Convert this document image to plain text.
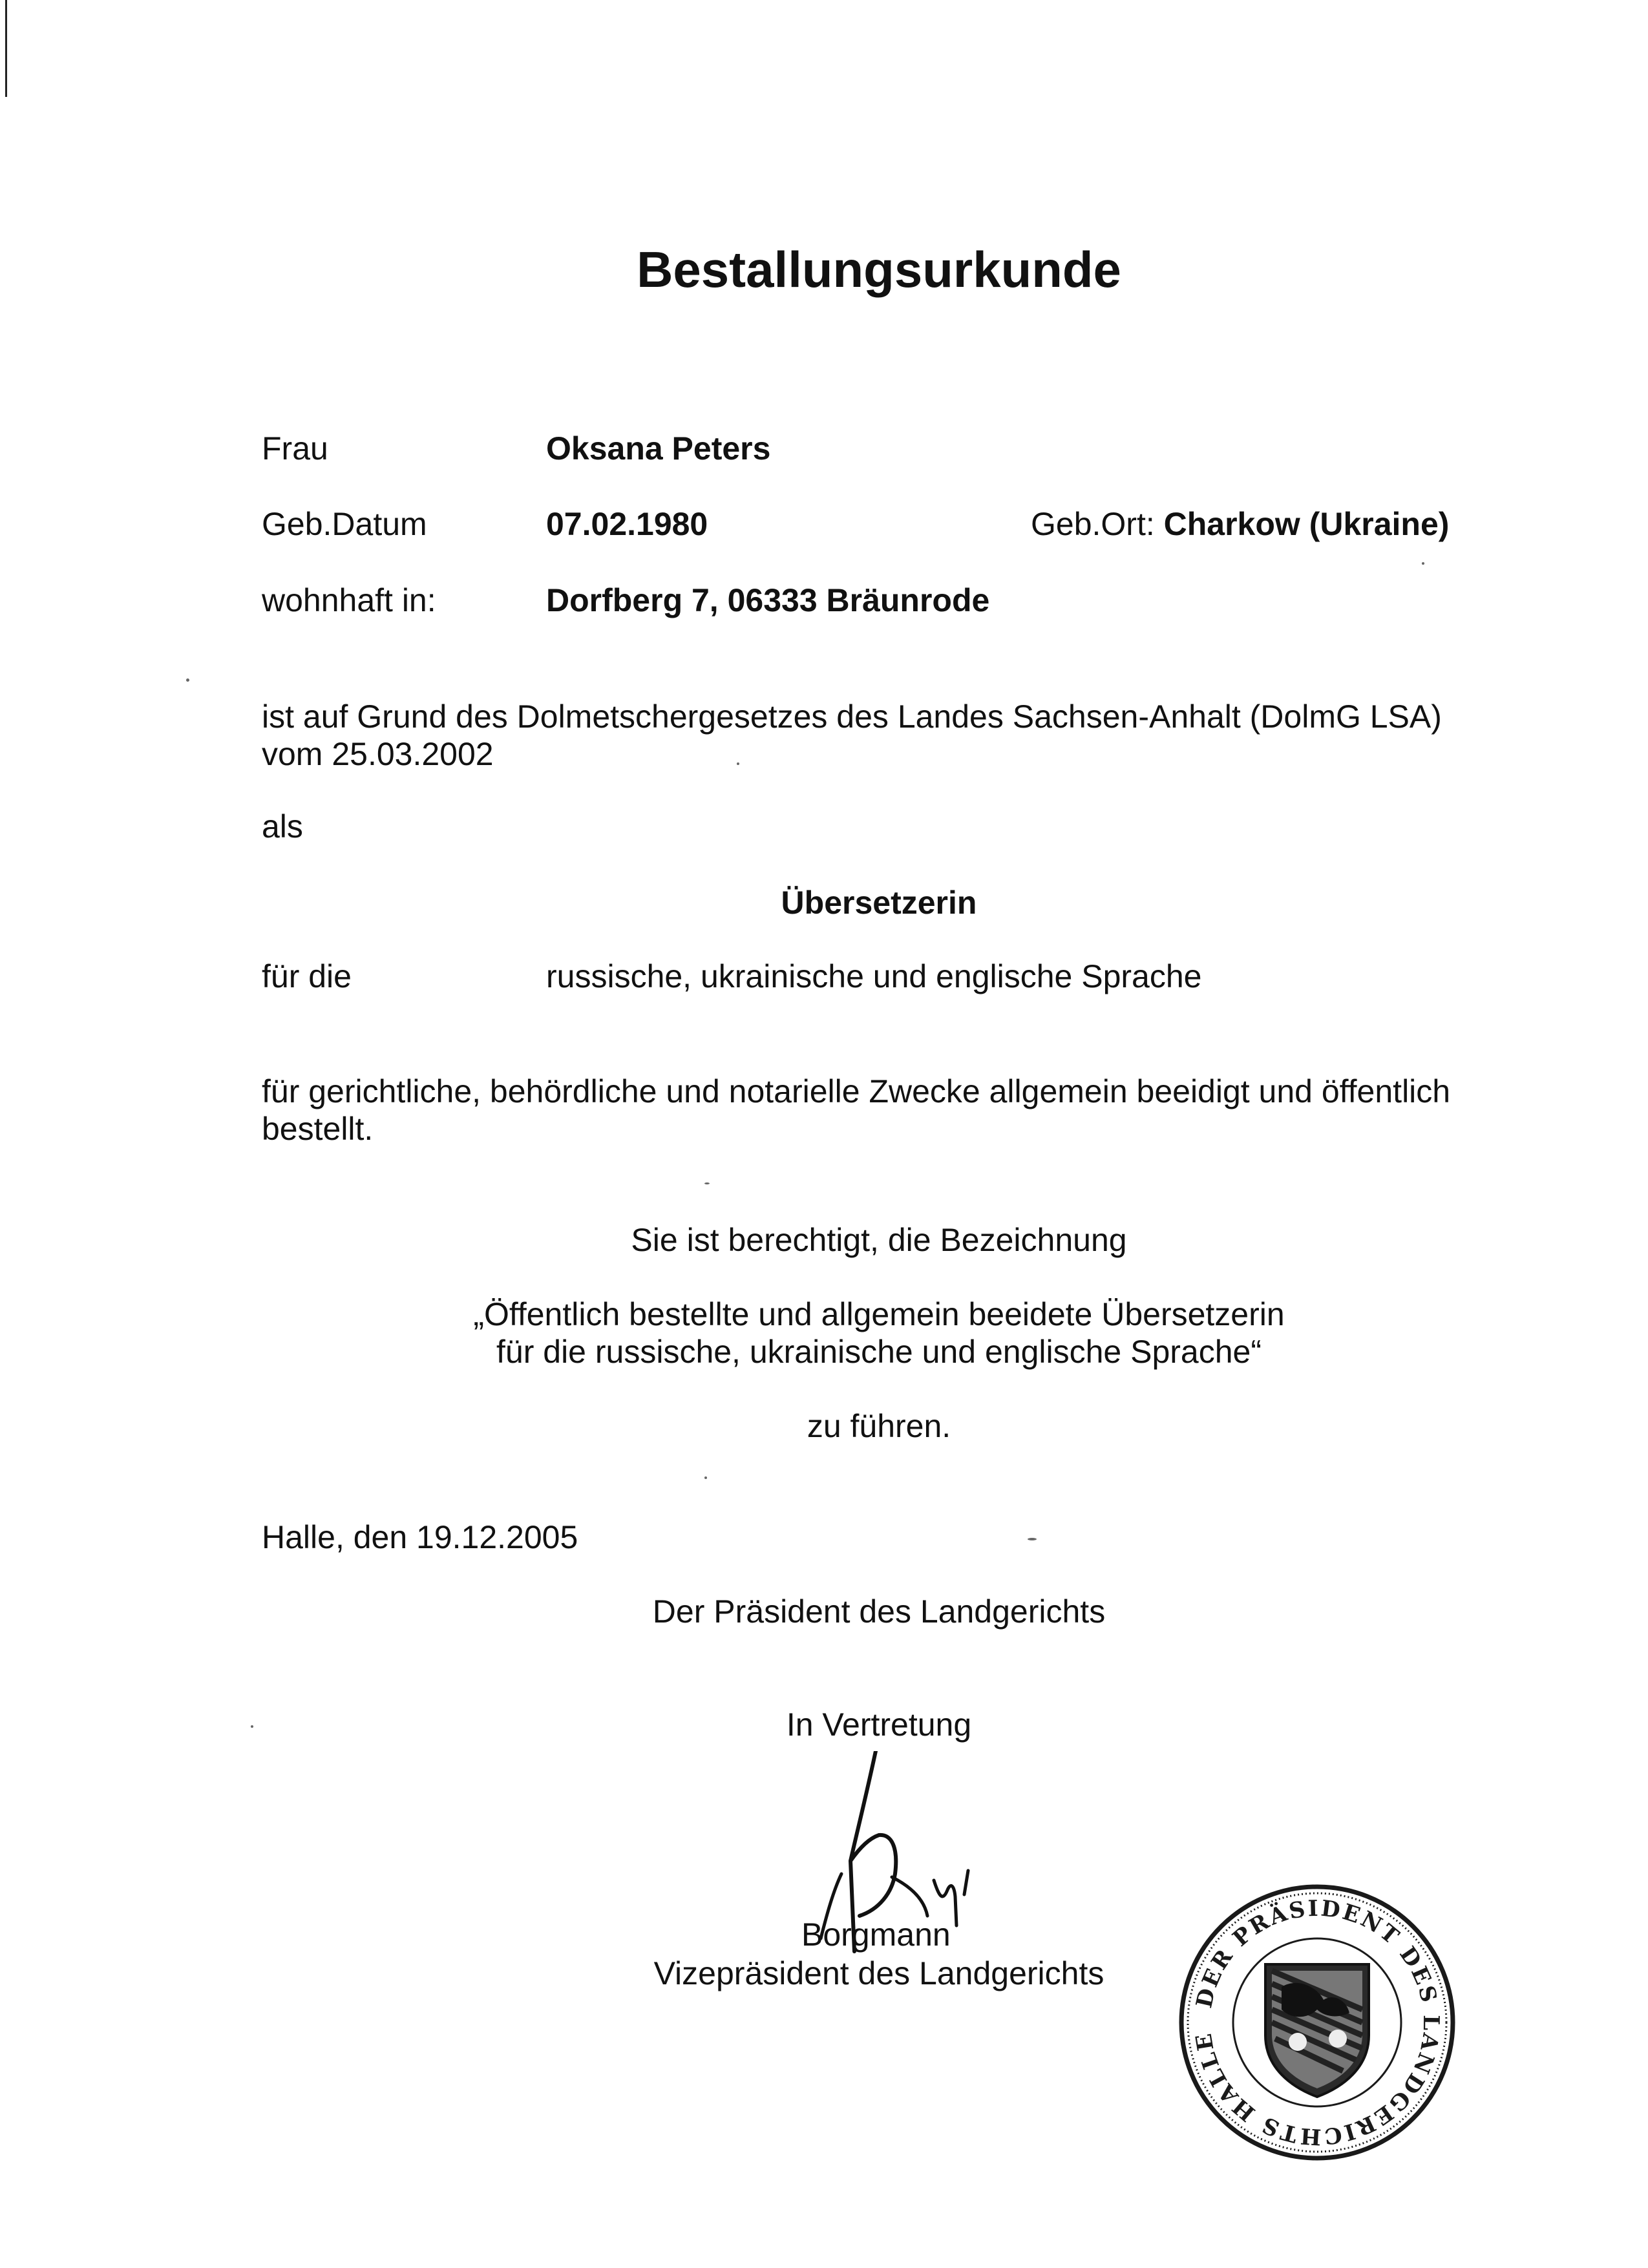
Bestallungsurkunde
Frau	Oksana Peters
Geb.Datum	07.02.1980	Geb.Ort: Charkow (Ukraine)
wohnhaft in:	Dorfberg 7, 06333 Bräunrode
ist auf Grund des Dolmetschergesetzes des Landes Sachsen-Anhalt (DolmG LSA)
vom 25.03.2002
als
Übersetzerin
für die	russische, ukrainische und englische Sprache
für gerichtliche, behördliche und notarielle Zwecke allgemein beeidigt und öffentlich
bestellt.
Sie ist berechtigt, die Bezeichnung
„Öffentlich bestellte und allgemein beeidete Übersetzerin
für die russische, ukrainische und englische Sprache“
zu führen.
Halle, den 19.12.2005
Der Präsident des Landgerichts
In Vertretung
Borgmann
Vizepräsident des Landgerichts
DER PRÄSIDENT DES LANDGERICHTS HALLE
